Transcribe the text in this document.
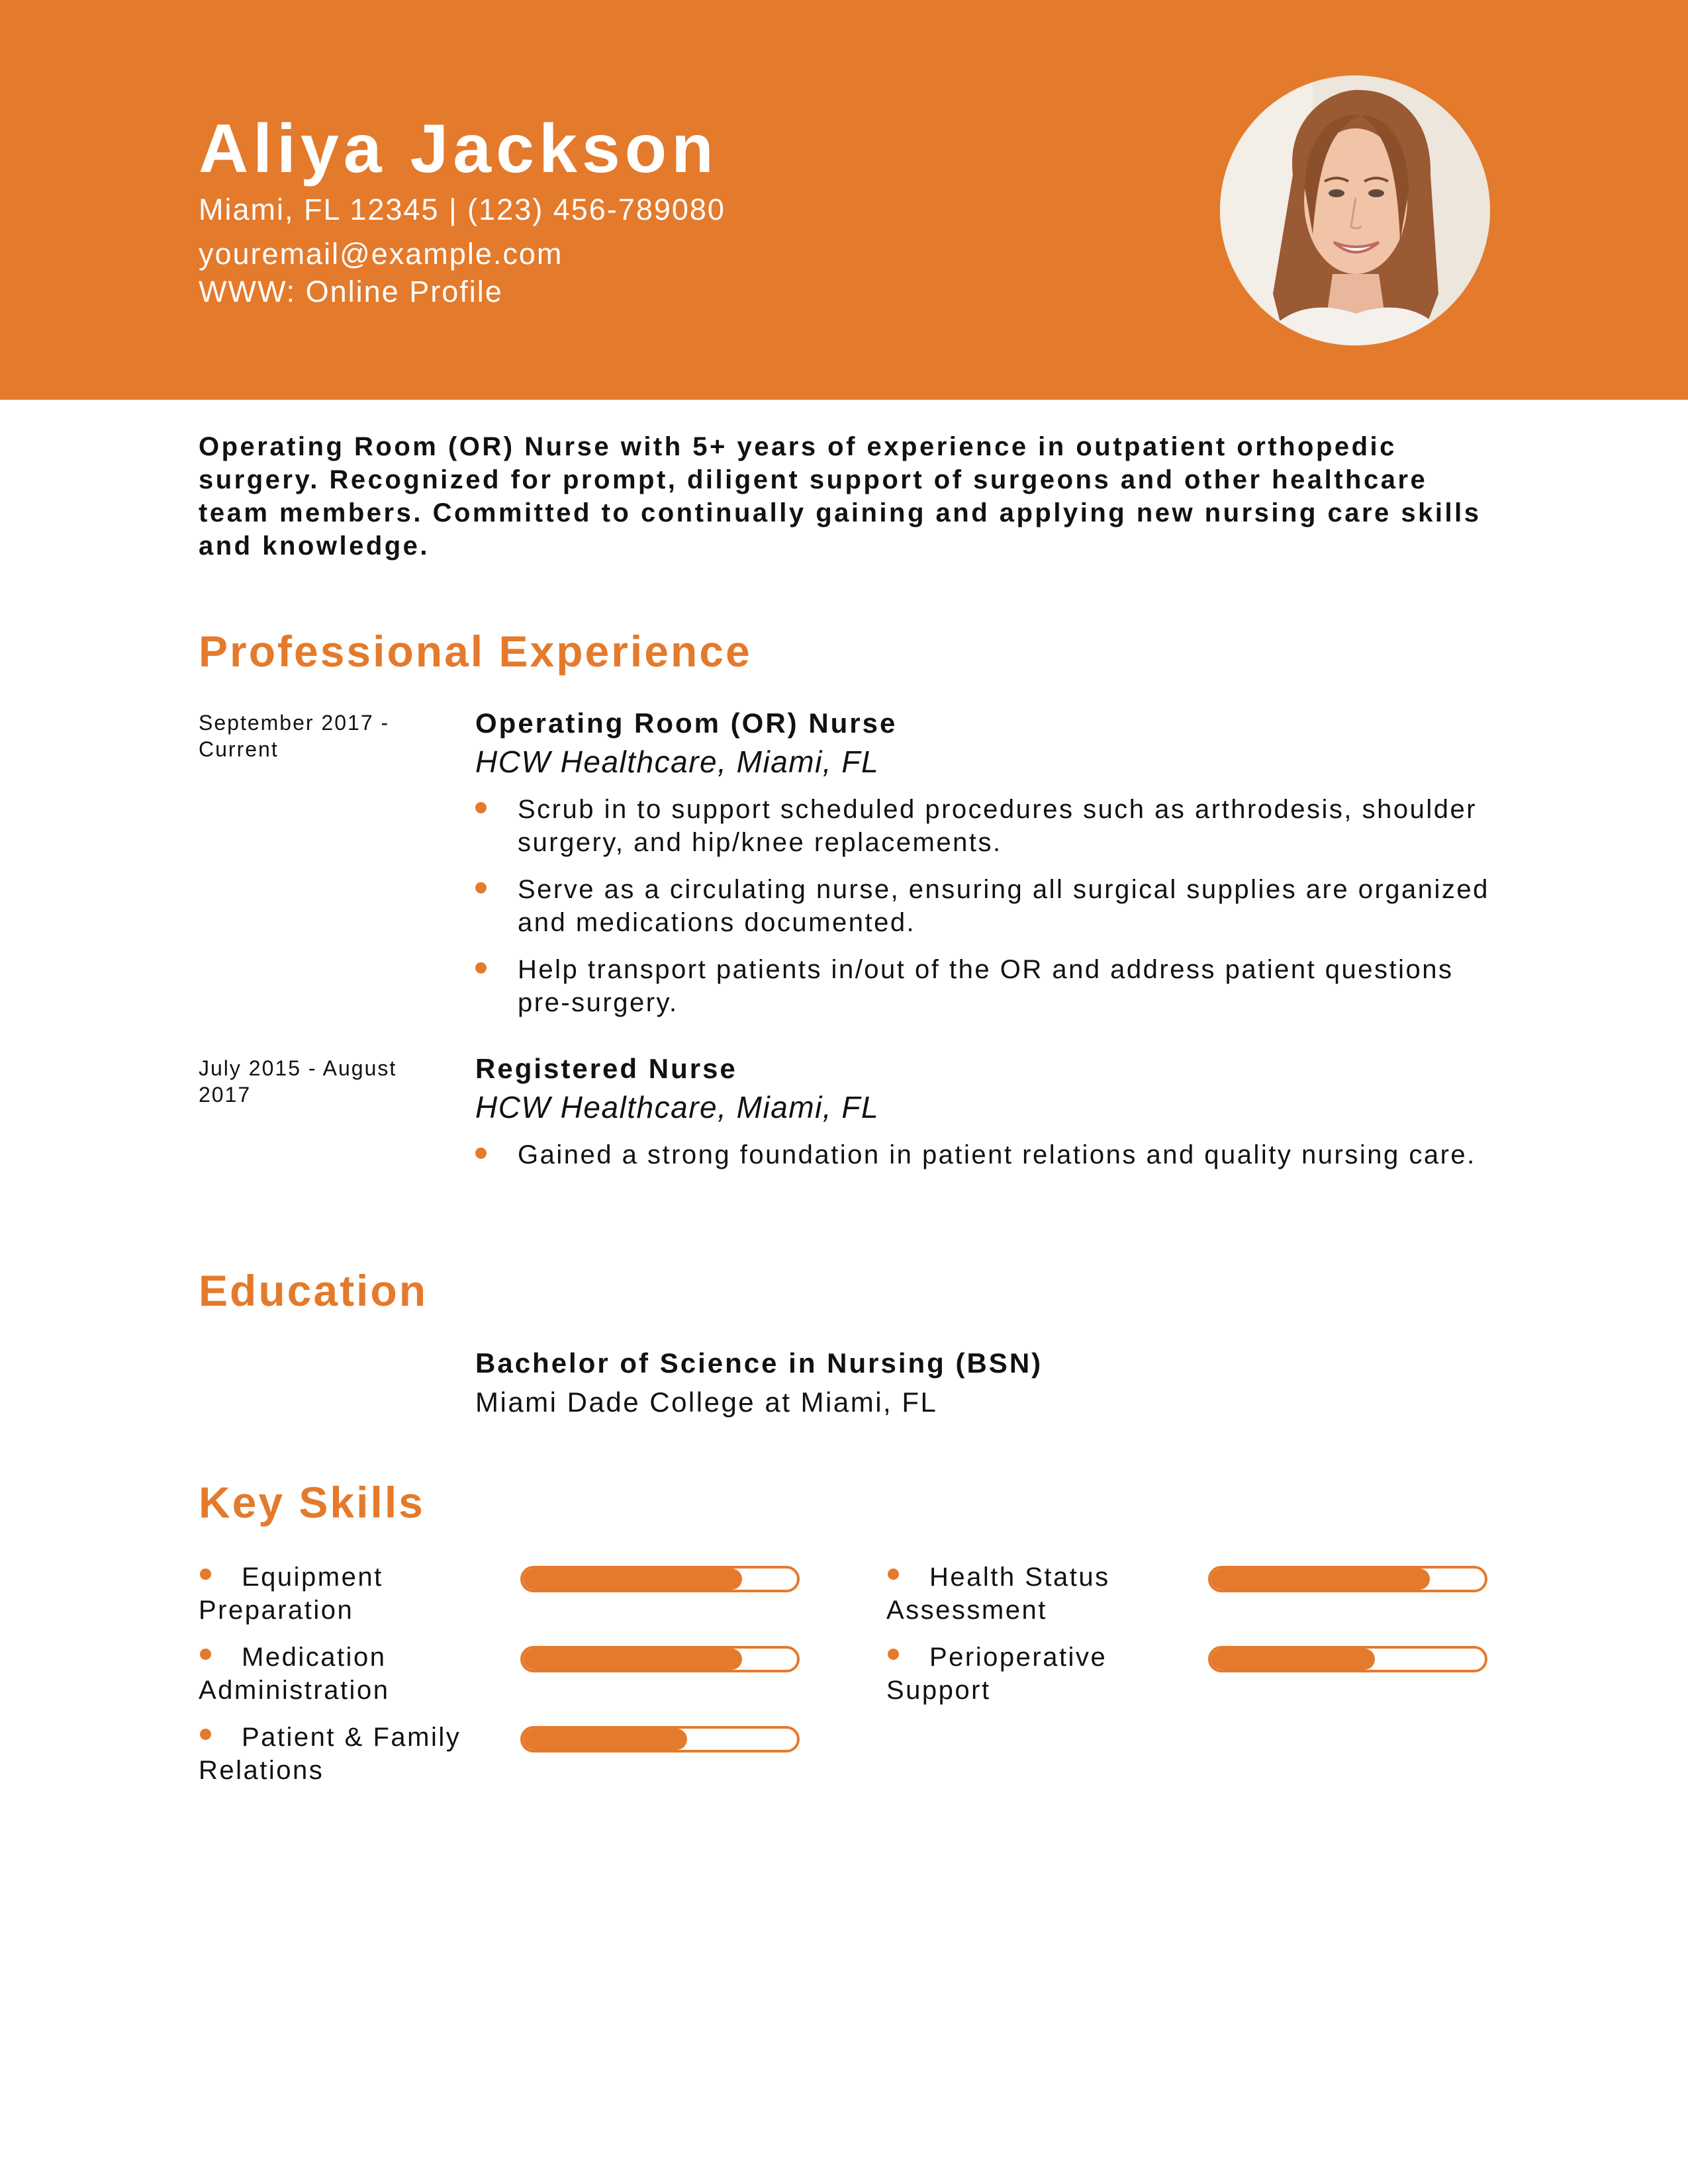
Aliya Jackson
Miami, FL 12345 | (123) 456-789080
youremail@example.com
WWW: Online Profile
Operating Room (OR) Nurse with 5+ years of experience in outpatient orthopedic surgery. Recognized for prompt, diligent support of surgeons and other healthcare team members. Committed to continually gaining and applying new nursing care skills and knowledge.
Professional Experience
September 2017 - Current
Operating Room (OR) Nurse
HCW Healthcare, Miami, FL
Scrub in to support scheduled procedures such as arthrodesis, shoulder surgery, and hip/knee replacements.
Serve as a circulating nurse, ensuring all surgical supplies are organized and medications documented.
Help transport patients in/out of the OR and address patient questions pre-surgery.
July 2015 - August 2017
Registered Nurse
HCW Healthcare, Miami, FL
Gained a strong foundation in patient relations and quality nursing care.
Education
Bachelor of Science in Nursing (BSN)
Miami Dade College at Miami, FL
Key Skills
Equipment Preparation
Medication Administration
Patient & Family Relations
Health Status Assessment
Perioperative Support
